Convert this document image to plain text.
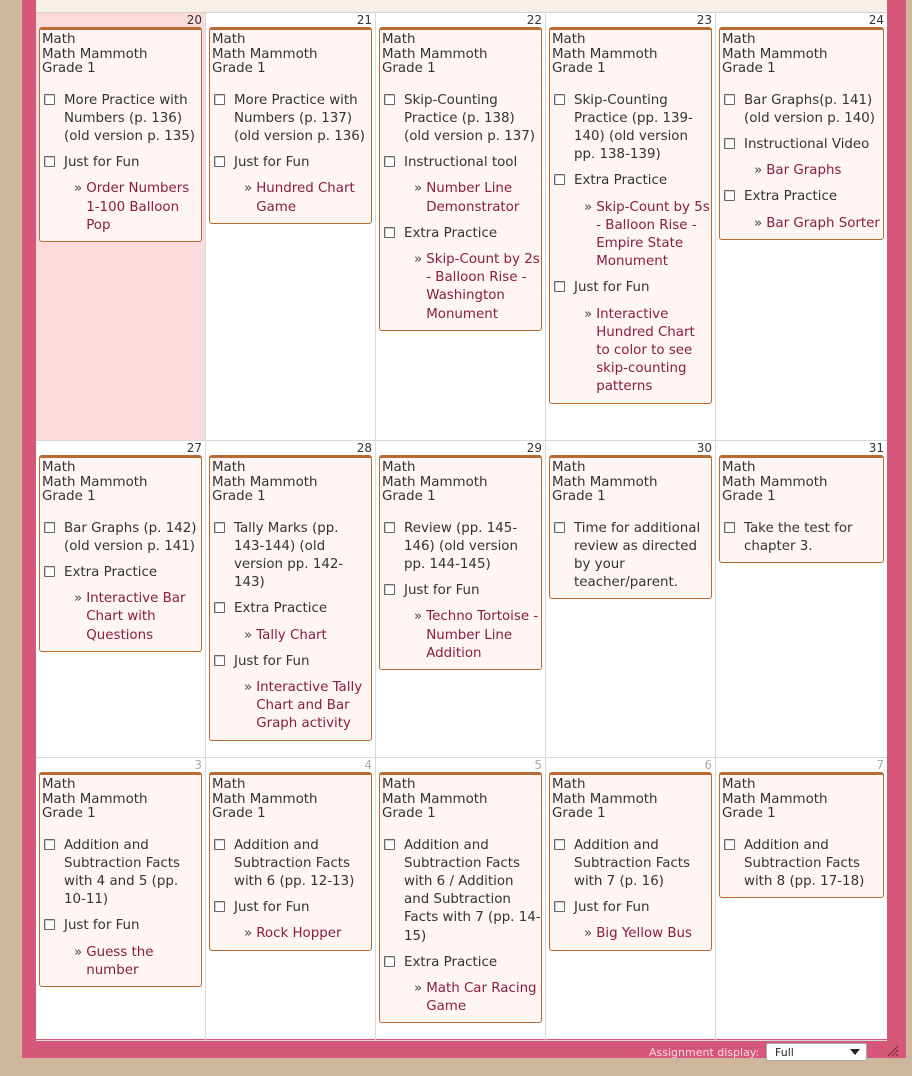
20
Math
Math Mammoth
Grade 1
More Practice with Numbers (p. 136) (old version p. 135)
Just for Fun
» Order Numbers 1-100 Balloon Pop
21
Math
Math Mammoth
Grade 1
More Practice with Numbers (p. 137) (old version p. 136)
Just for Fun
» Hundred Chart Game
22
Math
Math Mammoth
Grade 1
Skip-Counting Practice (p. 138) (old version p. 137)
Instructional tool
» Number Line Demonstrator
Extra Practice
» Skip-Count by 2s - Balloon Rise - Washington Monument
23
Math
Math Mammoth
Grade 1
Skip-Counting Practice (pp. 139-140) (old version pp. 138-139)
Extra Practice
» Skip-Count by 5s - Balloon Rise - Empire State Monument
Just for Fun
» Interactive Hundred Chart to color to see skip-counting patterns
24
Math
Math Mammoth
Grade 1
Bar Graphs(p. 141) (old version p. 140)
Instructional Video
» Bar Graphs
Extra Practice
» Bar Graph Sorter
27
Math
Math Mammoth
Grade 1
Bar Graphs (p. 142) (old version p. 141)
Extra Practice
» Interactive Bar Chart with Questions
28
Math
Math Mammoth
Grade 1
Tally Marks (pp. 143-144) (old version pp. 142-143)
Extra Practice
» Tally Chart
Just for Fun
» Interactive Tally Chart and Bar Graph activity
29
Math
Math Mammoth
Grade 1
Review (pp. 145-146) (old version pp. 144-145)
Just for Fun
» Techno Tortoise - Number Line Addition
30
Math
Math Mammoth
Grade 1
Time for additional review as directed by your teacher/parent.
31
Math
Math Mammoth
Grade 1
Take the test for chapter 3.
3
Math
Math Mammoth
Grade 1
Addition and Subtraction Facts with 4 and 5 (pp. 10-11)
Just for Fun
» Guess the number
4
Math
Math Mammoth
Grade 1
Addition and Subtraction Facts with 6 (pp. 12-13)
Just for Fun
» Rock Hopper
5
Math
Math Mammoth
Grade 1
Addition and Subtraction Facts with 6 / Addition and Subtraction Facts with 7 (pp. 14-15)
Extra Practice
» Math Car Racing Game
6
Math
Math Mammoth
Grade 1
Addition and Subtraction Facts with 7 (p. 16)
Just for Fun
» Big Yellow Bus
7
Math
Math Mammoth
Grade 1
Addition and Subtraction Facts with 8 (pp. 17-18)
Assignment display:	Full
